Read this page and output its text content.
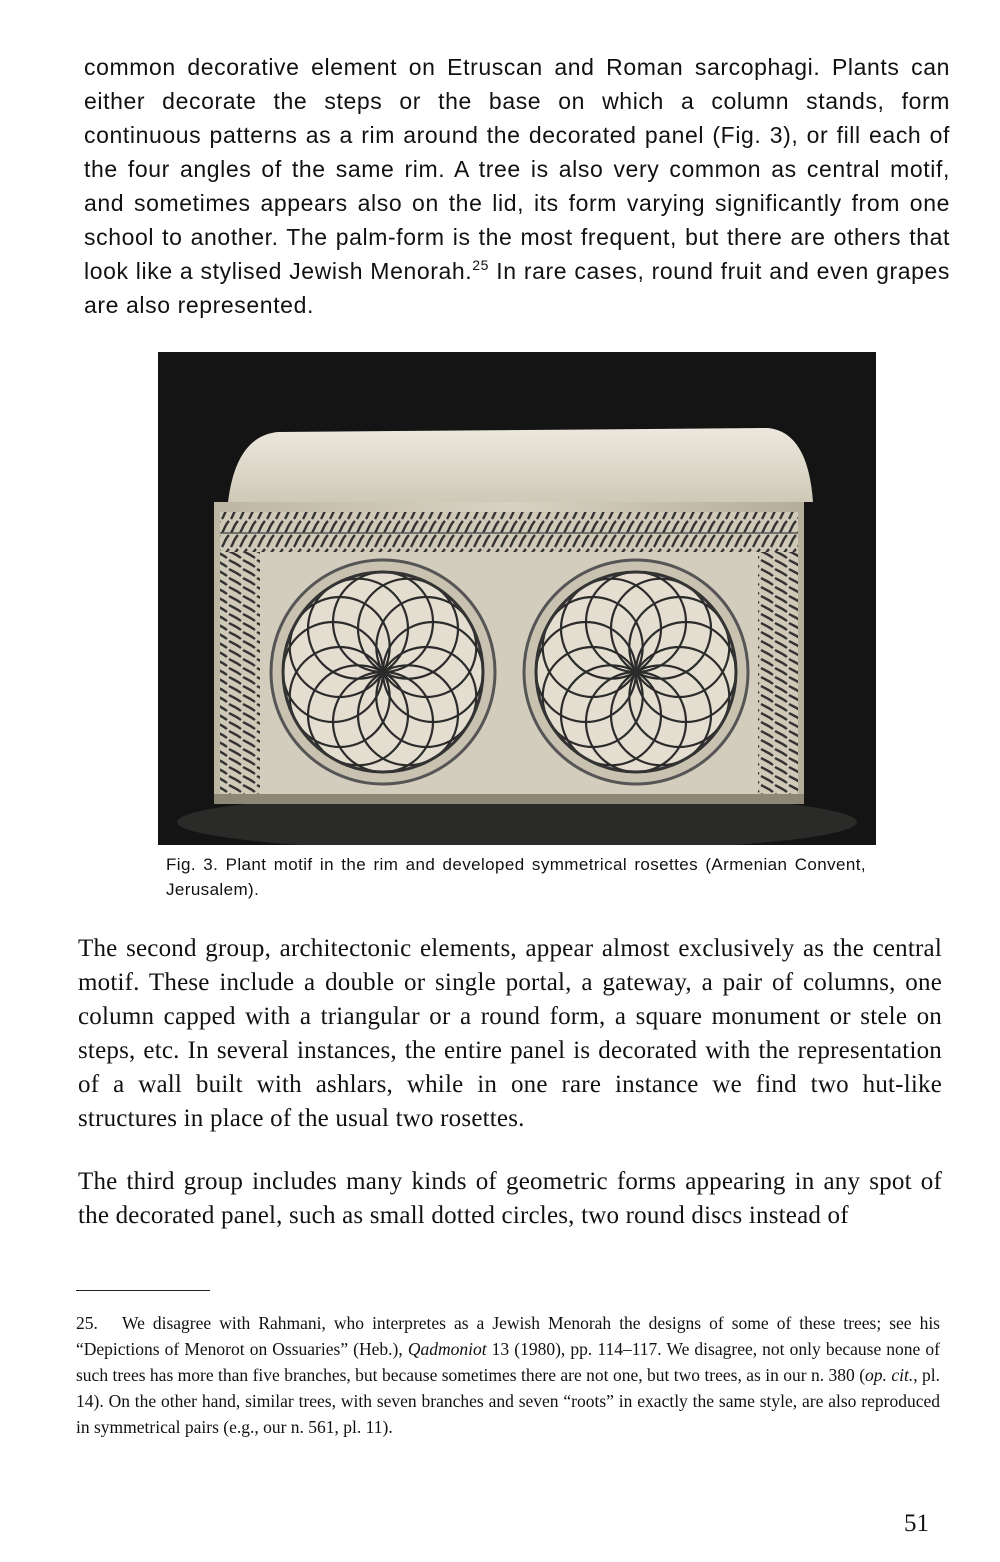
common decorative element on Etruscan and Roman sarcophagi. Plants can either decorate the steps or the base on which a column stands, form continuous patterns as a rim around the decorated panel (Fig. 3), or fill each of the four angles of the same rim. A tree is also very common as central motif, and sometimes appears also on the lid, its form varying significantly from one school to another. The palm-form is the most frequent, but there are others that look like a stylised Jewish Menorah.$^{25}$ In rare cases, round fruit and even grapes are also represented.

Fig. 3. Plant motif in the rim and developed symmetrical rosettes (Armenian Convent, Jerusalem).

The second group, architectonic elements, appear almost exclusively as the central motif. These include a double or single portal, a gateway, a pair of columns, one column capped with a triangular or a round form, a square monument or stele on steps, etc. In several instances, the entire panel is decorated with the representation of a wall built with ashlars, while in one rare instance we find two hut-like structures in place of the usual two rosettes.

The third group includes many kinds of geometric forms appearing in any spot of the decorated panel, such as small dotted circles, two round discs instead of

25. We disagree with Rahmani, who interpretes as a Jewish Menorah the designs of some of these trees; see his “Depictions of Menorot on Ossuaries” (Heb.), Qadmoniot 13 (1980), pp. 114–117. We disagree, not only because none of such trees has more than five branches, but because sometimes there are not one, but two trees, as in our n. 380 (op. cit., pl. 14). On the other hand, similar trees, with seven branches and seven “roots” in exactly the same style, are also reproduced in symmetrical pairs (e.g., our n. 561, pl. 11).

51
